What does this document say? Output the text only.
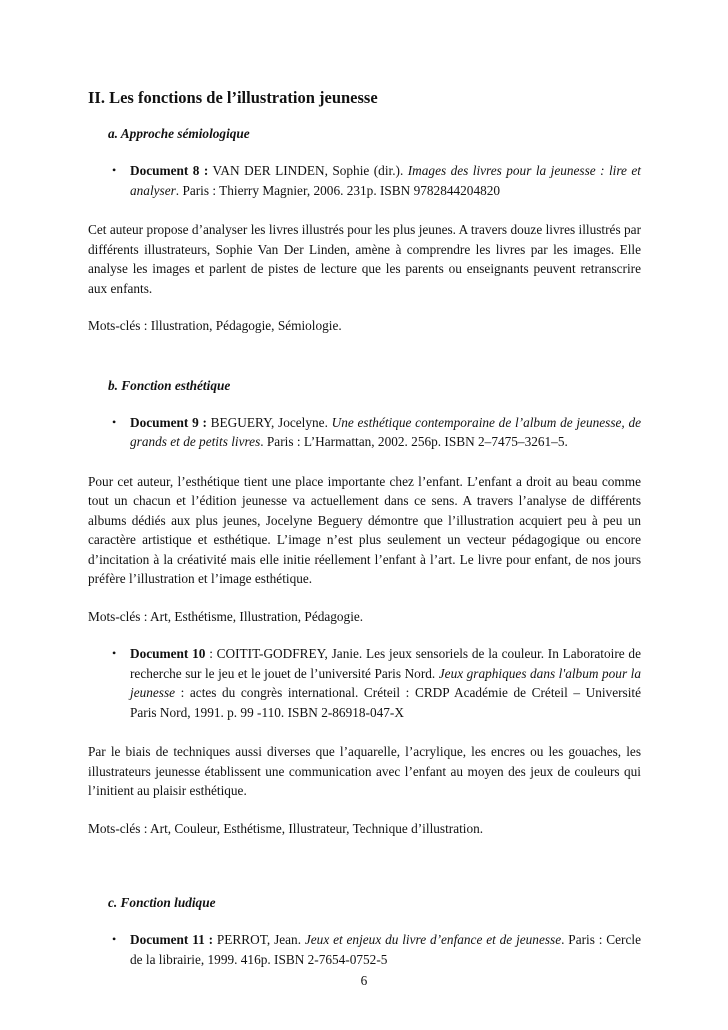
II. Les fonctions de l’illustration jeunesse
a. Approche sémiologique
• Document 8 : VAN DER LINDEN, Sophie (dir.). Images des livres pour la jeunesse : lire et analyser. Paris : Thierry Magnier, 2006. 231p. ISBN 9782844204820

Cet auteur propose d’analyser les livres illustrés pour les plus jeunes. A travers douze livres illustrés par différents illustrateurs, Sophie Van Der Linden, amène à comprendre les livres par les images. Elle analyse les images et parlent de pistes de lecture que les parents ou enseignants peuvent retranscrire aux enfants.

Mots-clés : Illustration, Pédagogie, Sémiologie.
b. Fonction esthétique
• Document 9 : BEGUERY, Jocelyne. Une esthétique contemporaine de l’album de jeunesse, de grands et de petits livres. Paris : L’Harmattan, 2002. 256p. ISBN 2–7475–3261–5.

Pour cet auteur, l’esthétique tient une place importante chez l’enfant. L’enfant a droit au beau comme tout un chacun et l’édition jeunesse va actuellement dans ce sens. A travers l’analyse de différents albums dédiés aux plus jeunes, Jocelyne Beguery démontre que l’illustration acquiert peu à peu un caractère artistique et esthétique. L’image n’est plus seulement un vecteur pédagogique ou encore d’incitation à la créativité mais elle initie réellement l’enfant à l’art. Le livre pour enfant, de nos jours préfère l’illustration et l’image esthétique.

Mots-clés : Art, Esthétisme, Illustration, Pédagogie.
• Document 10 : COITIT-GODFREY, Janie. Les jeux sensoriels de la couleur. In Laboratoire de recherche sur le jeu et le jouet de l’université Paris Nord. Jeux graphiques dans l'album pour la jeunesse : actes du congrès international. Créteil : CRDP Académie de Créteil – Université Paris Nord, 1991. p. 99 -110. ISBN 2-86918-047-X

Par le biais de techniques aussi diverses que l’aquarelle, l’acrylique, les encres ou les gouaches, les illustrateurs jeunesse établissent une communication avec l’enfant au moyen des jeux de couleurs qui l’initient au plaisir esthétique.

Mots-clés : Art, Couleur, Esthétisme, Illustrateur, Technique d’illustration.
c. Fonction ludique
• Document 11 : PERROT, Jean. Jeux et enjeux du livre d’enfance et de jeunesse. Paris : Cercle de la librairie, 1999. 416p. ISBN 2-7654-0752-5
6
